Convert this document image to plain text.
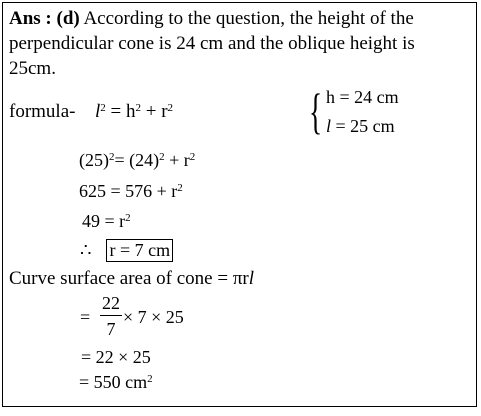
Ans : (d) According to the question, the height of the
perpendicular cone is 24 cm and the oblique height is
25cm.
formula- $l^2 = h^2 + r^2$	{ h = 24 cm
l = 25 cm
$(25)^2= (24)^2 + r^2$
$625 = 576 + r^2$
$49 = r^2$
∴ r = 7 cm
Curve surface area of cone = πrl
=
22
7
× 7 × 25
= 22 × 25
= 550 $cm^2$
